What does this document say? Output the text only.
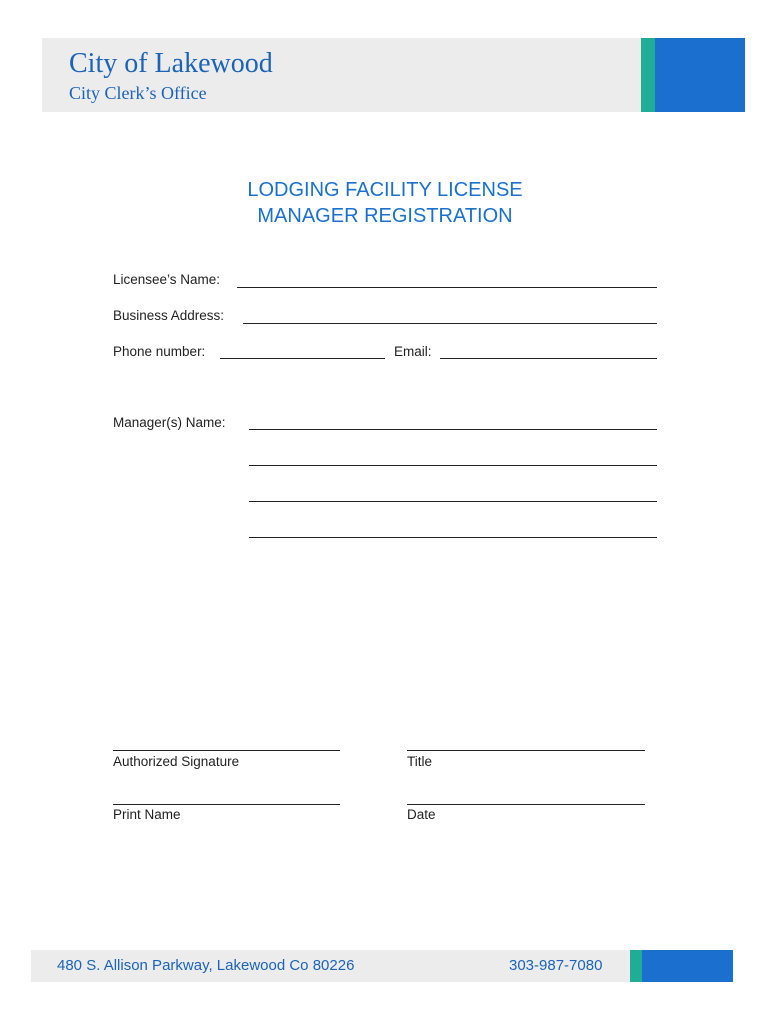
City of Lakewood
City Clerk’s Office
LODGING FACILITY LICENSE
MANAGER REGISTRATION
Licensee’s Name:
Business Address:
Phone number:	Email:
Manager(s) Name:
Authorized Signature	Title
Print Name	Date
480 S. Allison Parkway, Lakewood Co 80226	303-987-7080
